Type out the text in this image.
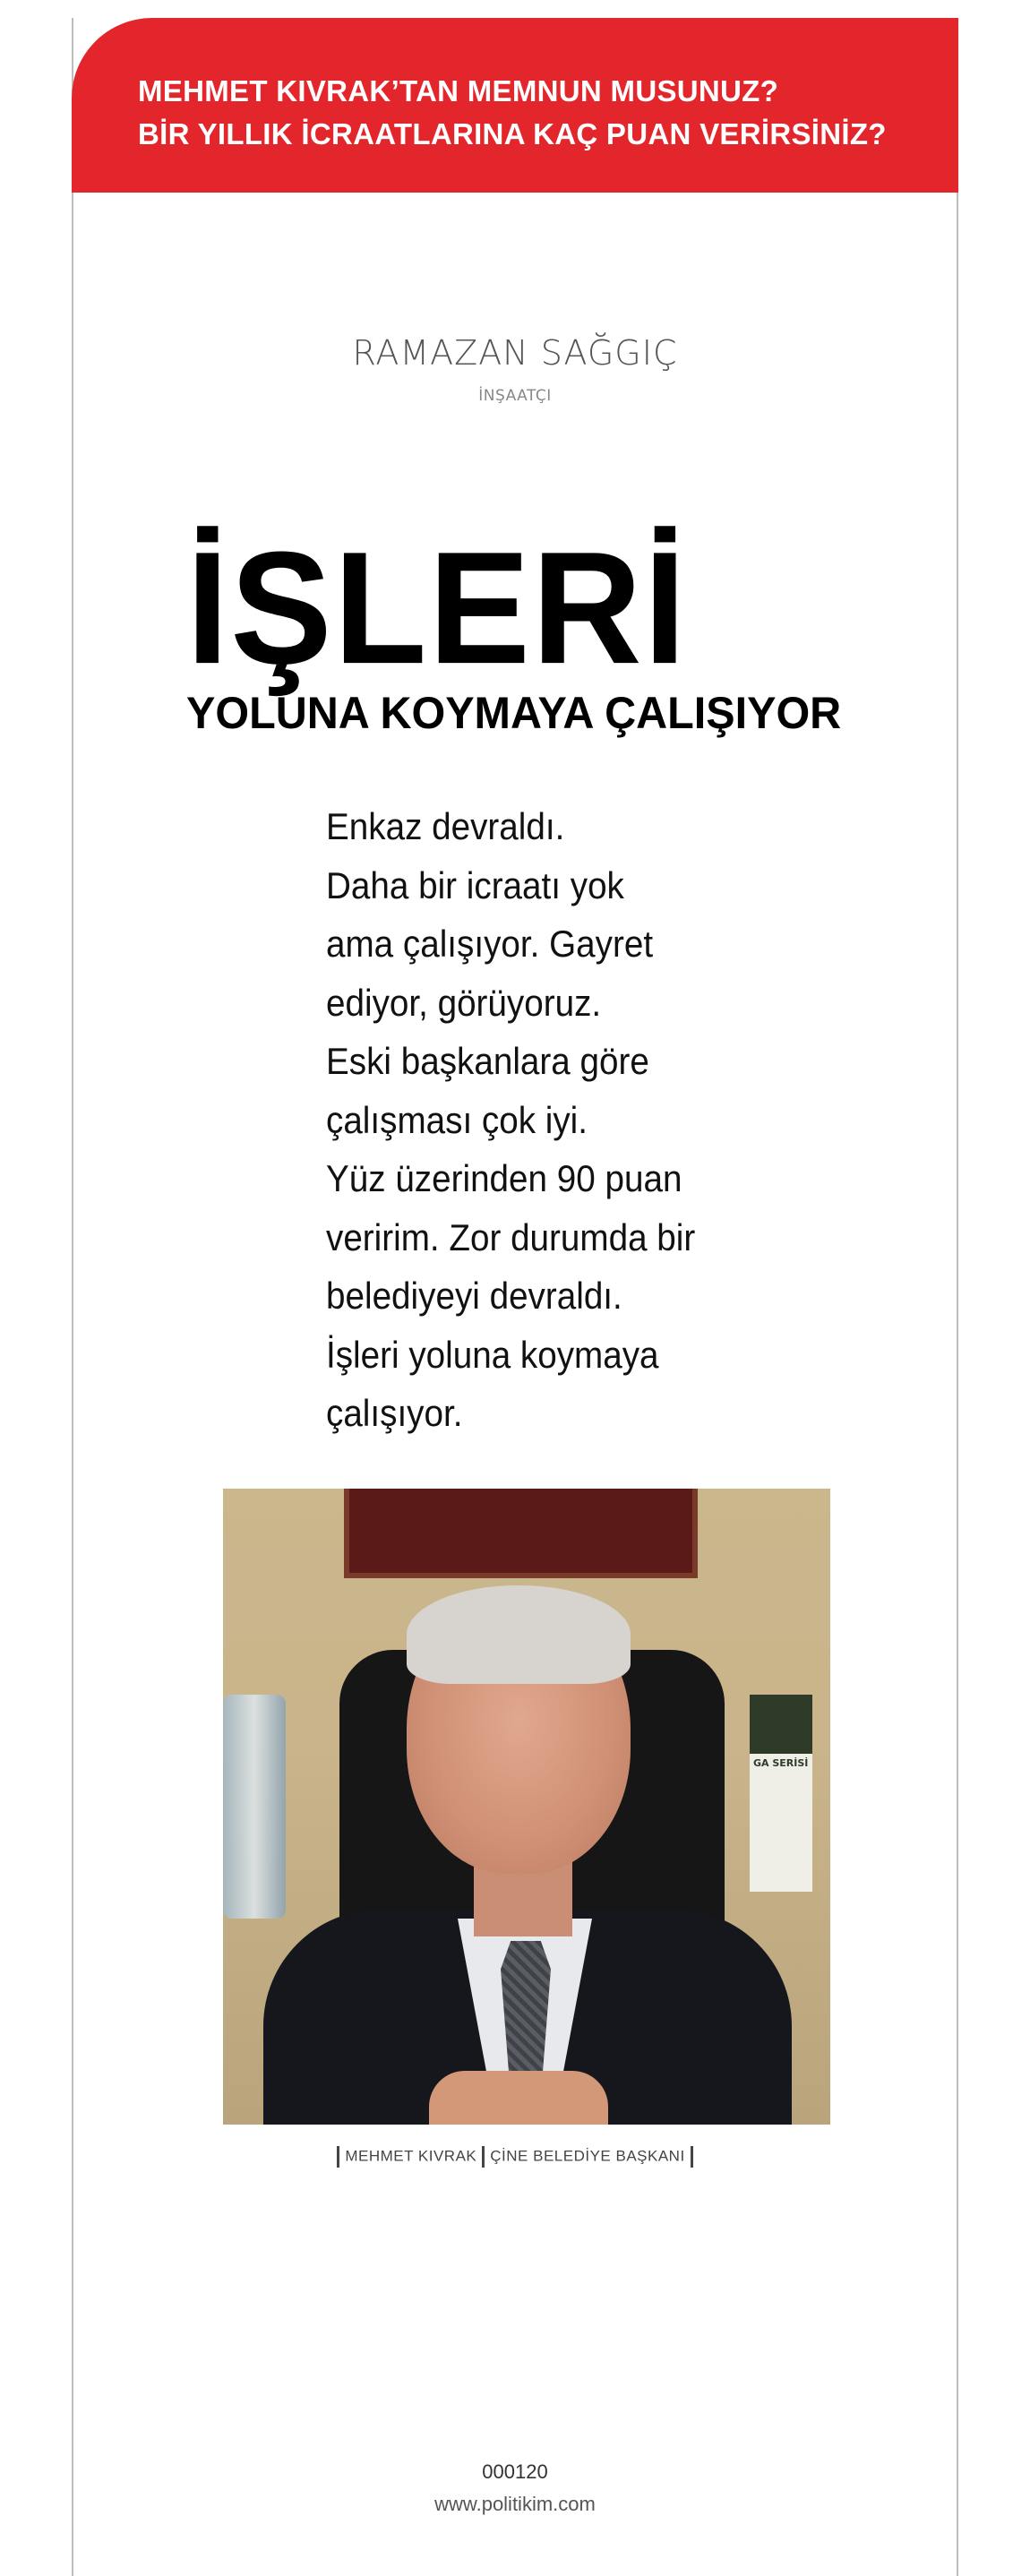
MEHMET KIVRAK’TAN MEMNUN MUSUNUZ?
BİR YILLIK İCRAATLARINA KAÇ PUAN VERİRSİNİZ?
RAMAZAN SAĞGIÇ
İNŞAATÇI
İŞLERİ
YOLUNA KOYMAYA ÇALIŞIYOR
Enkaz devraldı.
Daha bir icraatı yok
ama çalışıyor. Gayret
ediyor, görüyoruz.
Eski başkanlara göre
çalışması çok iyi.
Yüz üzerinden 90 puan
veririm. Zor durumda bir
belediyeyi devraldı.
İşleri yoluna koymaya
çalışıyor.
GA SERİSİ
MEHMET KIVRAK ÇİNE BELEDİYE BAŞKANI
000120
www.politikim.com
